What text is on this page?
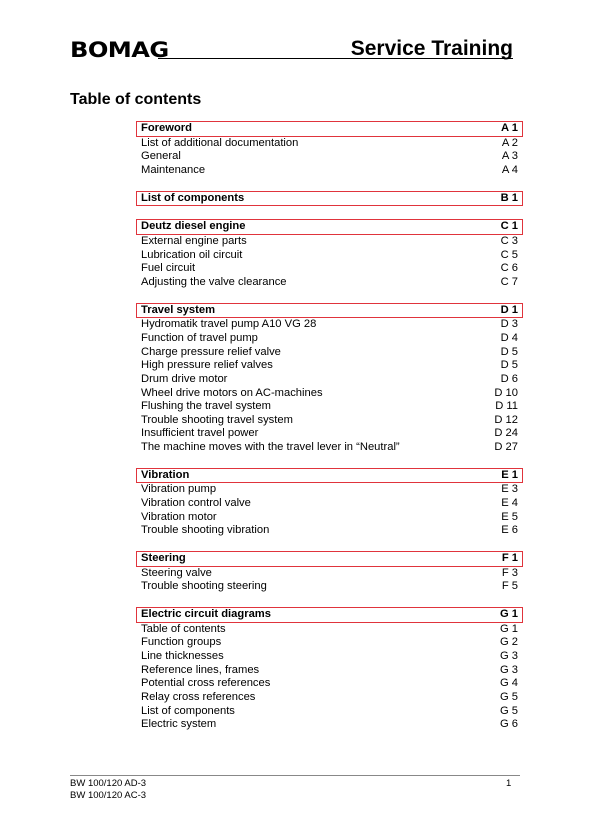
BOMAG	Service Training
Table of contents
Foreword	A 1
List of additional documentation	A 2
General	A 3
Maintenance	A 4
List of components	B 1
Deutz diesel engine	C 1
External engine parts	C 3
Lubrication oil circuit	C 5
Fuel circuit	C 6
Adjusting the valve clearance	C 7
Travel system	D 1
Hydromatik travel pump A10 VG 28	D 3
Function of travel pump	D 4
Charge pressure relief valve	D 5
High pressure relief valves	D 5
Drum drive motor	D 6
Wheel drive motors on AC-machines	D 10
Flushing the travel system	D 11
Trouble shooting travel system	D 12
Insufficient travel power	D 24
The machine moves with the travel lever in “Neutral”	D 27
Vibration	E 1
Vibration pump	E 3
Vibration control valve	E 4
Vibration motor	E 5
Trouble shooting vibration	E 6
Steering	F 1
Steering valve	F 3
Trouble shooting steering	F 5
Electric circuit diagrams	G 1
Table of contents	G 1
Function groups	G 2
Line thicknesses	G 3
Reference lines, frames	G 3
Potential cross references	G 4
Relay cross references	G 5
List of components	G 5
Electric system	G 6
BW 100/120 AD-3
BW 100/120 AC-3
1
